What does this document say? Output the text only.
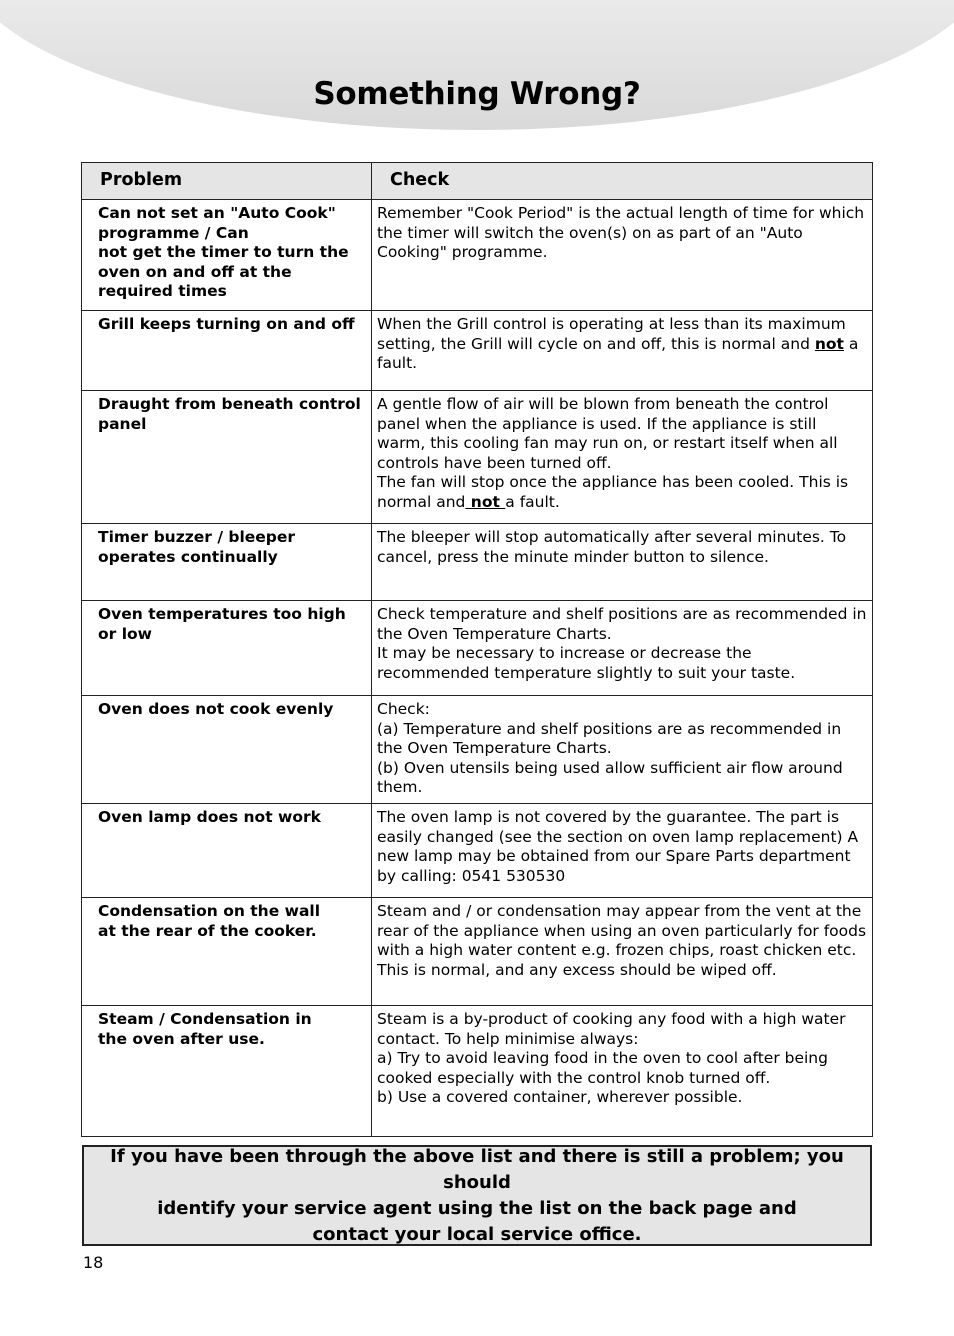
Something Wrong?
Problem	Check
Can not set an "Auto Cook" programme / Can
not get the timer to turn the oven on and off at the required times	Remember "Cook Period" is the actual length of time for which the timer will switch the oven(s) on as part of an "Auto Cooking" programme.
Grill keeps turning on and off	When the Grill control is operating at less than its maximum setting, the Grill will cycle on and off, this is normal and not a fault.
Draught from beneath control panel	A gentle flow of air will be blown from beneath the control panel when the appliance is used. If the appliance is still warm, this cooling fan may run on, or restart itself when all controls have been turned off.
The fan will stop once the appliance has been cooled. This is normal and not a fault.
Timer buzzer / bleeper operates continually	The bleeper will stop automatically after several minutes. To cancel, press the minute minder button to silence.
Oven temperatures too high or low	Check temperature and shelf positions are as recommended in the Oven Temperature Charts.
It may be necessary to increase or decrease the recommended temperature slightly to suit your taste.
Oven does not cook evenly	Check:
(a) Temperature and shelf positions are as recommended in the Oven Temperature Charts.
(b) Oven utensils being used allow sufficient air flow around them.
Oven lamp does not work	The oven lamp is not covered by the guarantee. The part is easily changed (see the section on oven lamp replacement) A new lamp may be obtained from our Spare Parts department by calling: 0541 530530
Condensation on the wall
at the rear of the cooker.	Steam and / or condensation may appear from the vent at the rear of the appliance when using an oven particularly for foods with a high water content e.g. frozen chips, roast chicken etc. This is normal, and any excess should be wiped off.
Steam / Condensation in
the oven after use.	Steam is a by-product of cooking any food with a high water contact. To help minimise always:
a) Try to avoid leaving food in the oven to cool after being cooked especially with the control knob turned off.
b) Use a covered container, wherever possible.

If you have been through the above list and there is still a problem; you should
identify your service agent using the list on the back page and
contact your local service office.

18
